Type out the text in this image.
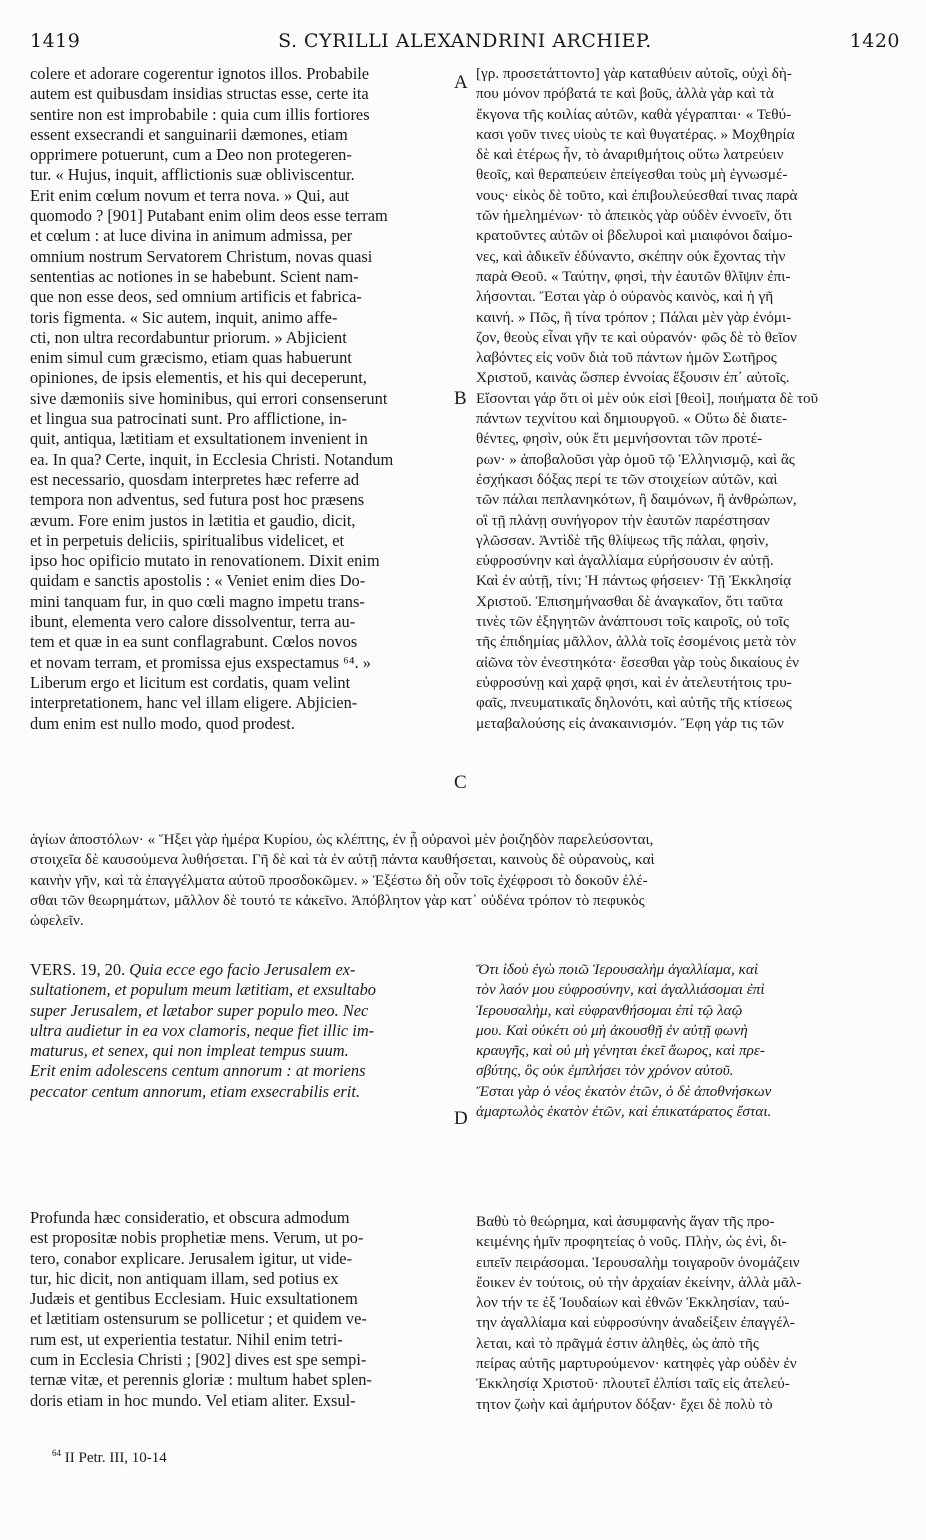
1419	S. CYRILLI ALEXANDRINI ARCHIEP.	1420
colere et adorare cogerentur ignotos illos. Probabile
autem est quibusdam insidias structas esse, certe ita
sentire non est improbabile : quia cum illis fortiores
essent exsecrandi et sanguinarii dæmones, etiam
opprimere potuerunt, cum a Deo non protegeren-
tur. « Hujus, inquit, afflictionis suæ obliviscentur.
Erit enim cœlum novum et terra nova. » Qui, aut
quomodo ? [901] Putabant enim olim deos esse terram
et cœlum : at luce divina in animum admissa, per
omnium nostrum Servatorem Christum, novas quasi
sententias ac notiones in se habebunt. Scient nam-
que non esse deos, sed omnium artificis et fabrica-
toris figmenta. « Sic autem, inquit, animo affe-
cti, non ultra recordabuntur priorum. » Abjicient
enim simul cum græcismo, etiam quas habuerunt
opiniones, de ipsis elementis, et his qui deceperunt,
sive dæmoniis sive hominibus, qui errori consenserunt
et lingua sua patrocinati sunt. Pro afflictione, in-
quit, antiqua, lætitiam et exsultationem invenient in
ea. In qua? Certe, inquit, in Ecclesia Christi. Notandum
est necessario, quosdam interpretes hæc referre ad
tempora non adventus, sed futura post hoc præsens
ævum. Fore enim justos in lætitia et gaudio, dicit,
et in perpetuis deliciis, spiritualibus videlicet, et
ipso hoc opificio mutato in renovationem. Dixit enim
quidam e sanctis apostolis : « Veniet enim dies Do-
mini tanquam fur, in quo cœli magno impetu trans-
ibunt, elementa vero calore dissolventur, terra au-
tem et quæ in ea sunt conflagrabunt. Cœlos novos
et novam terram, et promissa ejus exspectamus ⁶⁴. »
Liberum ergo et licitum est cordatis, quam velint
interpretationem, hanc vel illam eligere. Abjicien-
dum enim est nullo modo, quod prodest.
[γρ. προσετάττοντο] γὰρ καταθύειν αὐτοῖς, οὐχὶ δὴ-
που μόνον πρόβατά τε καὶ βοῦς, ἀλλὰ γὰρ καὶ τὰ
ἔκγονα τῆς κοιλίας αὐτῶν, καθὰ γέγραπται· « Τεθύ-
κασι γοῦν τινες υἱοὺς τε καὶ θυγατέρας. » Μοχθηρία
δὲ καὶ ἑτέρως ἦν, τὸ ἀναριθμήτοις οὕτω λατρεύειν
θεοῖς, καὶ θεραπεύειν ἐπείγεσθαι τοὺς μὴ ἐγνωσμέ-
νους· εἰκὸς δὲ τοῦτο, καὶ ἐπιβουλεύεσθαί τινας παρὰ
τῶν ἠμελημένων· τὸ ἀπεικὸς γὰρ οὐδὲν ἐννοεῖν, ὅτι
κρατοῦντες αὐτῶν οἱ βδελυροὶ καὶ μιαιφόνοι δαίμο-
νες, καὶ ἀδικεῖν ἐδύναντο, σκέπην οὐκ ἔχοντας τὴν
παρὰ Θεοῦ. « Ταύτην, φησὶ, τὴν ἑαυτῶν θλῖψιν ἐπι-
λήσονται. Ἔσται γὰρ ὁ οὐρανὸς καινὸς, καὶ ἡ γῆ
καινή. » Πῶς, ἢ τίνα τρόπον ; Πάλαι μὲν γὰρ ἐνόμι-
ζον, θεοὺς εἶναι γῆν τε καὶ οὐρανόν· φῶς δὲ τὸ θεῖον
λαβόντες εἰς νοῦν διὰ τοῦ πάντων ἡμῶν Σωτῆρος
Χριστοῦ, καινὰς ὥσπερ ἐννοίας ἕξουσιν ἐπ᾽ αὐτοῖς.
Εἴσονται γάρ ὅτι οἱ μὲν οὐκ εἰσὶ [θεοὶ], ποιήματα δὲ τοῦ
πάντων τεχνίτου καὶ δημιουργοῦ. « Οὕτω δὲ διατε-
θέντες, φησὶν, οὐκ ἔτι μεμνήσονται τῶν προτέ-
ρων· » ἀποβαλοῦσι γὰρ ὁμοῦ τῷ Ἑλληνισμῷ, καὶ ἃς
ἐσχήκασι δόξας περί τε τῶν στοιχείων αὐτῶν, καὶ
τῶν πάλαι πεπλανηκότων, ἢ δαιμόνων, ἢ ἀνθρώπων,
οἳ τῇ πλάνῃ συνήγορον τὴν ἑαυτῶν παρέστησαν
γλῶσσαν. Ἀντὶδὲ τῆς θλίψεως τῆς πάλαι, φησὶν,
εὐφροσύνην καὶ ἀγαλλίαμα εὑρήσουσιν ἐν αὐτῇ.
Καὶ ἐν αὐτῇ, τίνι; Ἡ πάντως φήσειεν· Τῇ Ἐκκλησίᾳ
Χριστοῦ. Ἐπισημήνασθαι δὲ ἀναγκαῖον, ὅτι ταῦτα
τινὲς τῶν ἐξηγητῶν ἀνάπτουσι τοῖς καιροῖς, οὐ τοῖς
τῆς ἐπιδημίας μᾶλλον, ἀλλὰ τοῖς ἐσομένοις μετὰ τὸν
αἰῶνα τὸν ἐνεστηκότα· ἔσεσθαι γὰρ τοὺς δικαίους ἐν
εὐφροσύνῃ καὶ χαρᾷ φησι, καὶ ἐν ἀτελευτήτοις τρυ-
φαῖς, πνευματικαῖς δηλονότι, καὶ αὐτῆς τῆς κτίσεως
μεταβαλούσης εἰς ἀνακαινισμόν. Ἔφη γάρ τις τῶν
A
B
C
D
ἁγίων ἀποστόλων· « Ἥξει γὰρ ἡμέρα Κυρίου, ὡς κλέπτης, ἐν ᾗ οὐρανοὶ μὲν ῥοιζηδὸν παρελεύσονται,
στοιχεῖα δὲ καυσούμενα λυθήσεται. Γῆ δὲ καὶ τὰ ἐν αὐτῇ πάντα καυθήσεται, καινοὺς δὲ οὐρανοὺς, καὶ
καινὴν γῆν, καὶ τὰ ἐπαγγέλματα αὐτοῦ προσδοκῶμεν. » Ἐξέστω δὴ οὖν τοῖς ἐχέφροσι τὸ δοκοῦν ἑλέ-
σθαι τῶν θεωρημάτων, μᾶλλον δὲ τουτό τε κἀκεῖνο. Ἀπόβλητον γὰρ κατ᾽ οὐδένα τρόπον τὸ πεφυκὸς
ὠφελεῖν.
VERS. 19, 20. Quia ecce ego facio Jerusalem ex-
sultationem, et populum meum lætitiam, et exsultabo
super Jerusalem, et lætabor super populo meo. Nec
ultra audietur in ea vox clamoris, neque fiet illic im-
maturus, et senex, qui non impleat tempus suum.
Erit enim adolescens centum annorum : at moriens
peccator centum annorum, etiam exsecrabilis erit.
Ὅτι ἰδοὺ ἐγὼ ποιῶ Ἱερουσαλὴμ ἀγαλλίαμα, καὶ
τὸν λαόν μου εὐφροσύνην, καὶ ἀγαλλιάσομαι ἐπὶ
Ἱερουσαλὴμ, καὶ εὐφρανθήσομαι ἐπὶ τῷ λαῷ
μου. Καὶ οὐκέτι οὐ μὴ ἀκουσθῇ ἐν αὐτῇ φωνὴ
κραυγῆς, καὶ οὐ μὴ γένηται ἐκεῖ ἄωρος, καὶ πρε-
σβύτης, ὃς οὐκ ἐμπλήσει τὸν χρόνον αὐτοῦ.
Ἔσται γὰρ ὁ νέος ἑκατὸν ἐτῶν, ὁ δὲ ἀποθνήσκων
ἁμαρτωλὸς ἑκατὸν ἐτῶν, καὶ ἐπικατάρατος ἔσται.
Profunda hæc consideratio, et obscura admodum
est propositæ nobis prophetiæ mens. Verum, ut po-
tero, conabor explicare. Jerusalem igitur, ut vide-
tur, hic dicit, non antiquam illam, sed potius ex
Judæis et gentibus Ecclesiam. Huic exsultationem
et lætitiam ostensurum se pollicetur ; et quidem ve-
rum est, ut experientia testatur. Nihil enim tetri-
cum in Ecclesia Christi ; [902] dives est spe sempi-
ternæ vitæ, et perennis gloriæ : multum habet splen-
doris etiam in hoc mundo. Vel etiam aliter. Exsul-
Βαθὺ τὸ θεώρημα, καὶ ἀσυμφανὴς ἄγαν τῆς προ-
κειμένης ἡμῖν προφητείας ὁ νοῦς. Πλὴν, ὡς ἐνὶ, δι-
ειπεῖν πειράσομαι. Ἱερουσαλὴμ τοιγαροῦν ὀνομάζειν
ἔοικεν ἐν τούτοις, οὐ τὴν ἀρχαίαν ἐκείνην, ἀλλὰ μᾶλ-
λον τήν τε ἐξ Ἰουδαίων καὶ ἐθνῶν Ἐκκλησίαν, ταύ-
την ἀγαλλίαμα καὶ εὐφροσύνην ἀναδείξειν ἐπαγγέλ-
λεται, καὶ τὸ πρᾶγμά ἐστιν ἀληθὲς, ὡς ἀπὸ τῆς
πείρας αὐτῆς μαρτυρούμενον· κατηφὲς γὰρ οὐδὲν ἐν
Ἐκκλησίᾳ Χριστοῦ· πλουτεῖ ἐλπίσι ταῖς εἰς ἀτελεύ-
τητον ζωὴν καὶ ἀμήρυτον δόξαν· ἔχει δὲ πολὺ τὸ
$^{64}$ II Petr. III, 10-14
